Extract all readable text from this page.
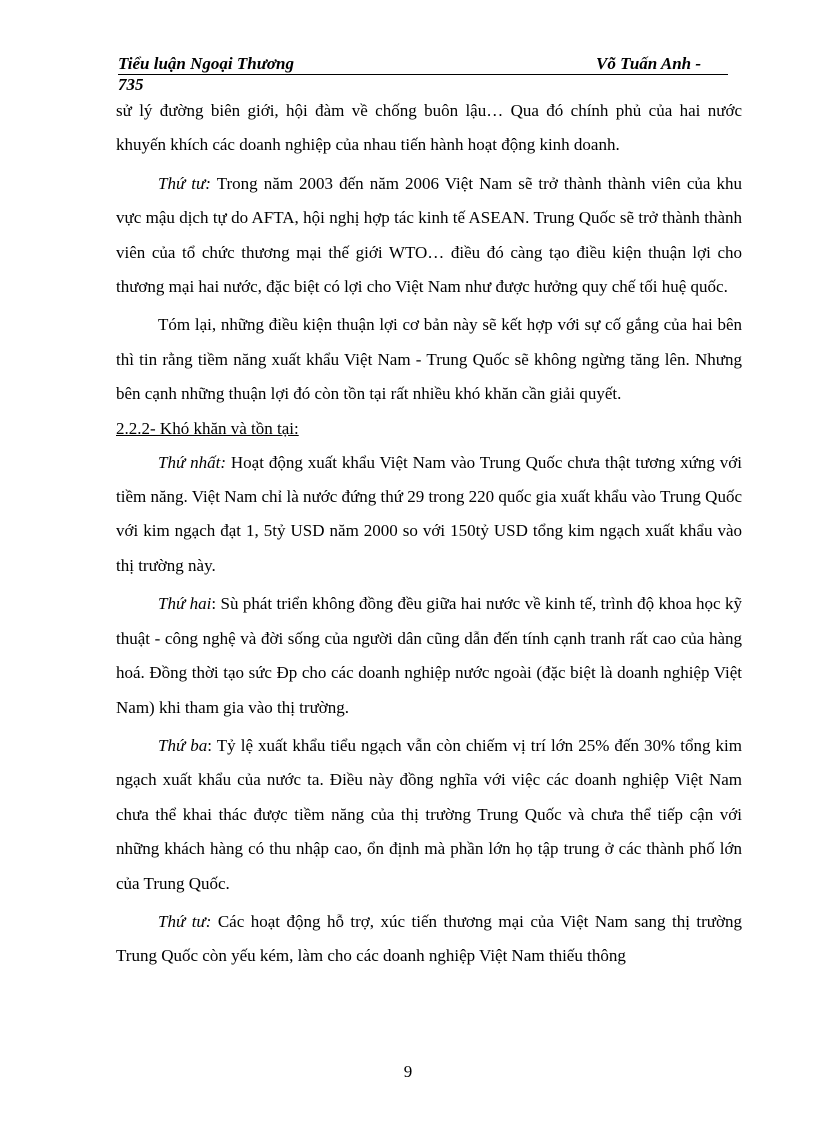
Tiểu luận Ngoại Thương	Võ Tuấn Anh -
735

sử lý đường biên giới, hội đàm về chống buôn lậu… Qua đó chính phủ của hai nước khuyến khích các doanh nghiệp của nhau tiến hành hoạt động kinh doanh.

Thứ tư: Trong năm 2003 đến năm 2006 Việt Nam sẽ trở thành thành viên của khu vực mậu dịch tự do AFTA, hội nghị hợp tác kinh tế ASEAN. Trung Quốc sẽ trở thành thành viên của tổ chức thương mại thế giới WTO… điều đó càng tạo điều kiện thuận lợi cho thương mại hai nước, đặc biệt có lợi cho Việt Nam như được hưởng quy chế tối huệ quốc.

Tóm lại, những điều kiện thuận lợi cơ bản này sẽ kết hợp với sự cố gắng của hai bên thì tin rằng tiềm năng xuất khẩu Việt Nam - Trung Quốc sẽ không ngừng tăng lên. Nhưng bên cạnh những thuận lợi đó còn tồn tại rất nhiều khó khăn cần giải quyết.

2.2.2- Khó khăn và tồn tại:

Thứ nhất: Hoạt động xuất khẩu Việt Nam vào Trung Quốc chưa thật tương xứng với tiềm năng. Việt Nam chỉ là nước đứng thứ 29 trong 220 quốc gia xuất khẩu vào Trung Quốc với kim ngạch đạt 1, 5tỷ USD năm 2000 so với 150tỷ USD tổng kim ngạch xuất khẩu vào thị trường này.

Thứ hai: Sù phát triển không đồng đều giữa hai nước về kinh tế, trình độ khoa học kỹ thuật - công nghệ và đời sống của người dân cũng dẫn đến tính cạnh tranh rất cao của hàng hoá. Đồng thời tạo sức Đp cho các doanh nghiệp nước ngoài (đặc biệt là doanh nghiệp Việt Nam) khi tham gia vào thị trường.

Thứ ba: Tỷ lệ xuất khẩu tiểu ngạch vẫn còn chiếm vị trí lớn 25% đến 30% tổng kim ngạch xuất khẩu của nước ta. Điều này đồng nghĩa với việc các doanh nghiệp Việt Nam chưa thể khai thác được tiềm năng của thị trường Trung Quốc và chưa thể tiếp cận với những khách hàng có thu nhập cao, ổn định mà phần lớn họ tập trung ở các thành phố lớn của Trung Quốc.

Thứ tư: Các hoạt động hỗ trợ, xúc tiến thương mại của Việt Nam sang thị trường Trung Quốc còn yếu kém, làm cho các doanh nghiệp Việt Nam thiếu thông

9
